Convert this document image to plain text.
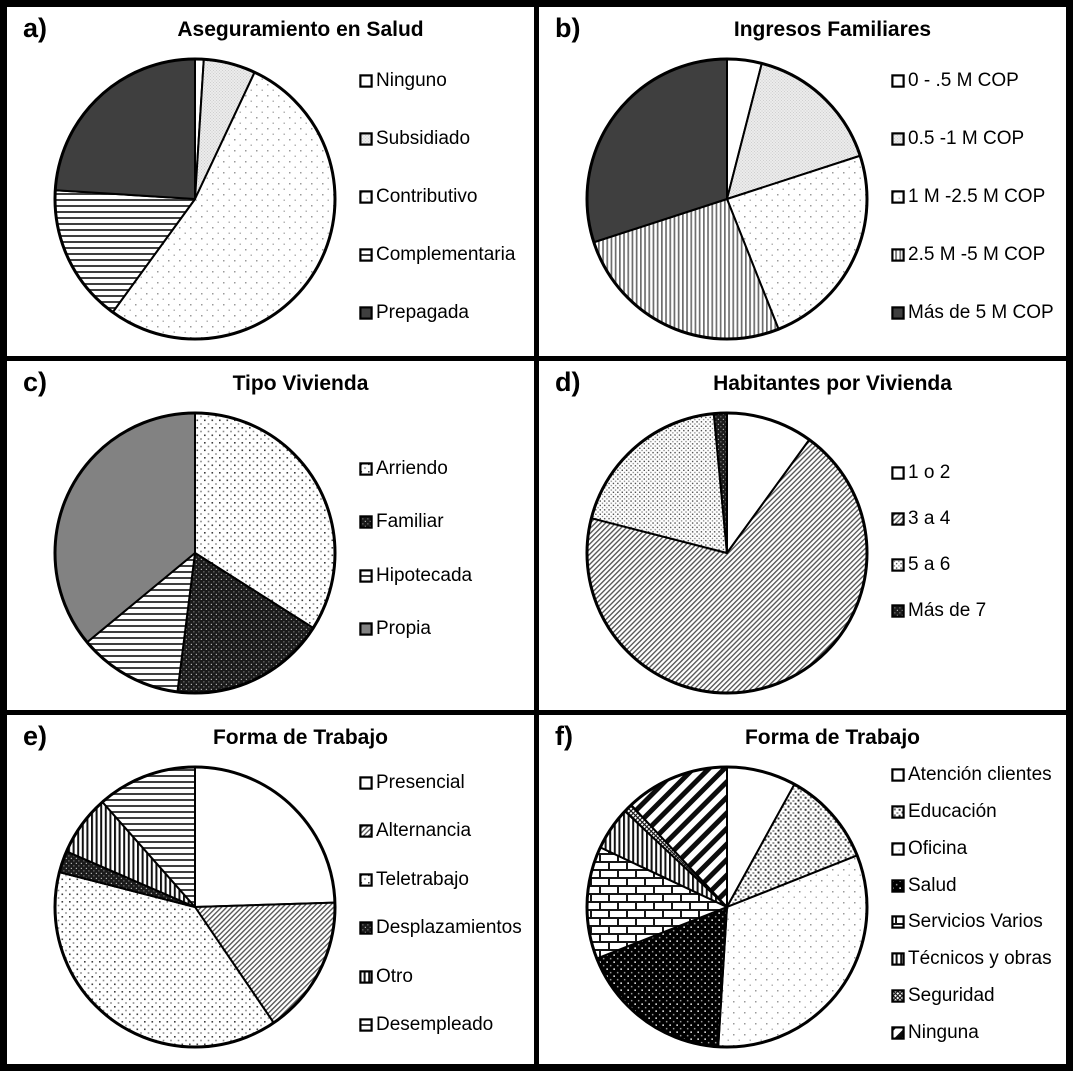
a)	Aseguramiento en Salud
Ninguno
Subsidiado
Contributivo
Complementaria
Prepagada
b)	Ingresos Familiares
0 - .5 M COP
0.5 -1 M COP
1 M -2.5 M COP
2.5 M -5 M COP
Más de 5 M COP
c)	Tipo Vivienda
Arriendo
Familiar
Hipotecada
Propia
d)	Habitantes por Vivienda
1 o 2
3 a 4
5 a 6
Más de 7
e)	Forma de Trabajo
Presencial
Alternancia
Teletrabajo
Desplazamientos
Otro
Desempleado
f)	Forma de Trabajo
Atención clientes
Educación
Oficina
Salud
Servicios Varios
Técnicos y obras
Seguridad
Ninguna
